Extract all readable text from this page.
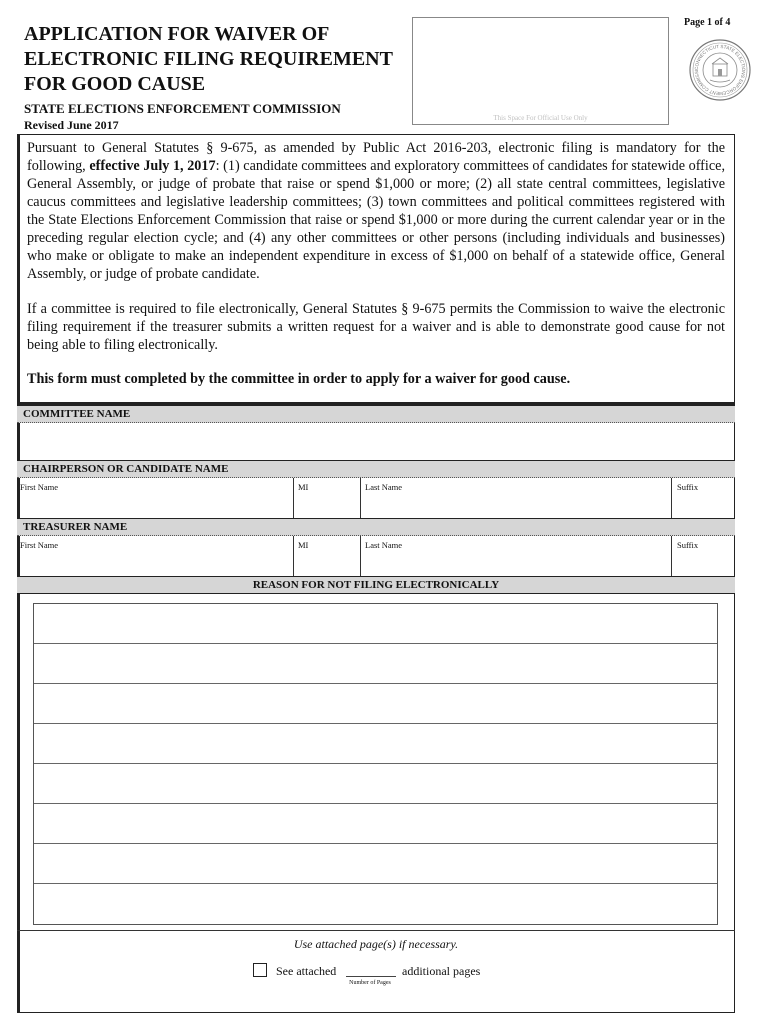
APPLICATION FOR WAIVER OF
ELECTRONIC FILING REQUIREMENT
FOR GOOD CAUSE
STATE ELECTIONS ENFORCEMENT COMMISSION
Revised June 2017	This Space For Official Use Only
Page 1 of 4
CONNECTICUT STATE ELECTIONS ENFORCEMENT COMMISSI

Pursuant to General Statutes § 9-675, as amended by Public Act 2016-203, electronic filing is mandatory for the following, effective July 1, 2017: (1) candidate committees and exploratory committees of candidates for statewide office, General Assembly, or judge of probate that raise or spend $1,000 or more; (2) all state central committees, legislative caucus committees and legislative leadership committees; (3) town committees and political committees registered with the State Elections Enforcement Commission that raise or spend $1,000 or more during the current calendar year or in the preceding regular election cycle; and (4) any other committees or other persons (including individuals and businesses) who make or obligate to make an independent expenditure in excess of $1,000 on behalf of a statewide office, General Assembly, or judge of probate candidate.

If a committee is required to file electronically, General Statutes § 9-675 permits the Commission to waive the electronic filing requirement if the treasurer submits a written request for a waiver and is able to demonstrate good cause for not being able to filing electronically.

This form must completed by the committee in order to apply for a waiver for good cause.
COMMITTEE NAME
CHAIRPERSON OR CANDIDATE NAME
First Name	MI	Last Name	Suffix
TREASURER NAME
First Name	MI	Last Name	Suffix
REASON FOR NOT FILING ELECTRONICALLY
Use attached page(s) if necessary.
See attached	additional pages
Number of Pages
